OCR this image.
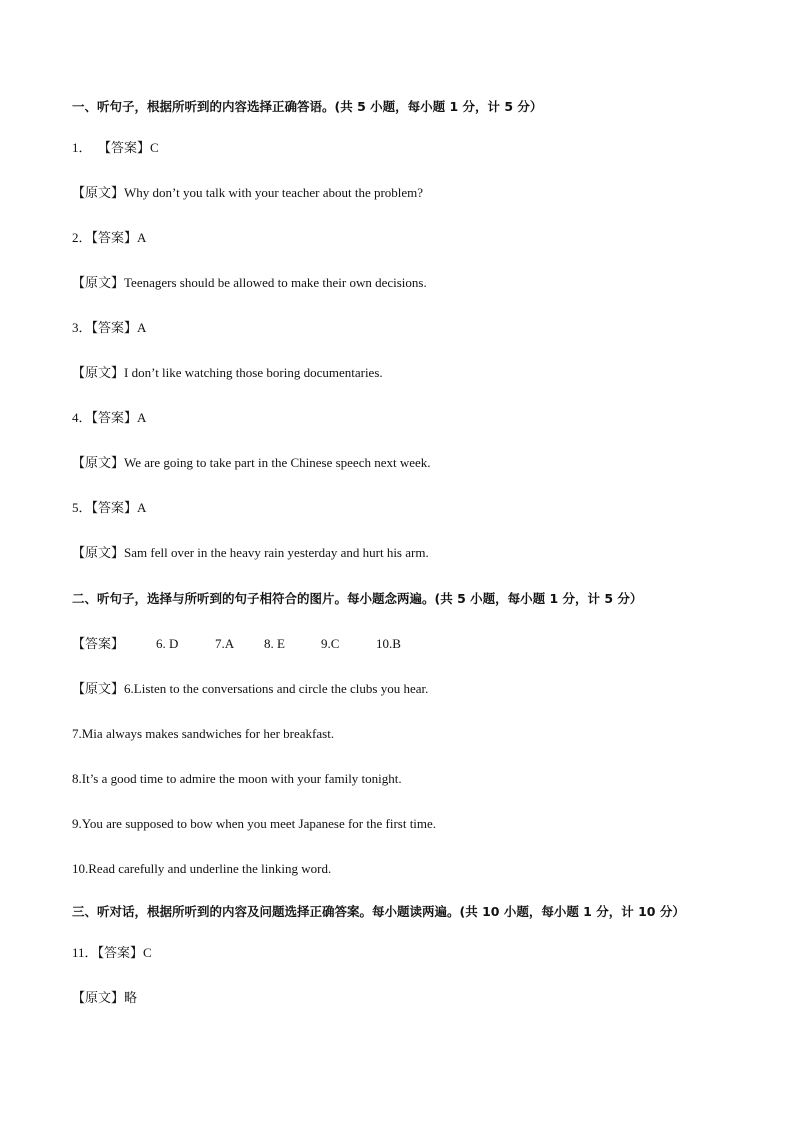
一、听句子，根据所听到的内容选择正确答语。(共 5 小题，每小题 1 分，计 5 分）
1． 【答案】C
【原文】Why don’t you talk with your teacher about the problem?
2．【答案】A
【原文】Teenagers should be allowed to make their own decisions.
3．【答案】A
【原文】I don’t like watching those boring documentaries.
4．【答案】A
【原文】We are going to take part in the Chinese speech next week.
5．【答案】A
【原文】Sam fell over in the heavy rain yesterday and hurt his arm.
二、听句子，选择与所听到的句子相符合的图片。每小题念两遍。(共 5 小题，每小题 1 分，计 5 分）
【答案】 6. D	7.A 8. E	9.C	10.B
【原文】6.Listen to the conversations and circle the clubs you hear.
7.Mia always makes sandwiches for her breakfast.
8.It’s a good time to admire the moon with your family tonight.
9.You are supposed to bow when you meet Japanese for the first time.
10.Read carefully and underline the linking word.
三、听对话，根据所听到的内容及问题选择正确答案。每小题读两遍。(共 10 小题，每小题 1 分，计 10 分）
11．【答案】C
【原文】略
